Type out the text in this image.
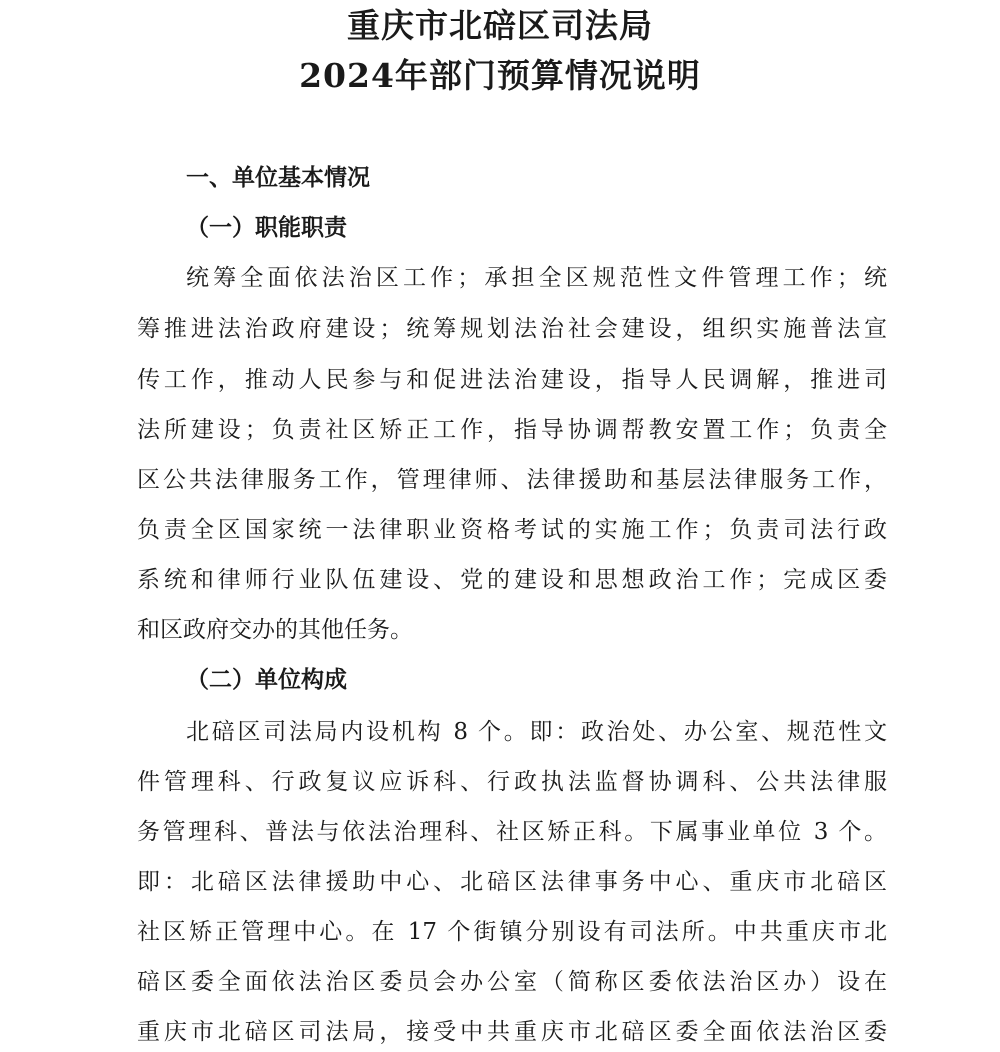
重庆市北碚区司法局
2024年部门预算情况说明
一、单位基本情况
（一）职能职责

统筹全面依法治区工作；承担全区规范性文件管理工作；统

筹推进法治政府建设；统筹规划法治社会建设，组织实施普法宣

传工作，推动人民参与和促进法治建设，指导人民调解，推进司

法所建设；负责社区矫正工作，指导协调帮教安置工作；负责全

区公共法律服务工作，管理律师、法律援助和基层法律服务工作，

负责全区国家统一法律职业资格考试的实施工作；负责司法行政

系统和律师行业队伍建设、党的建设和思想政治工作；完成区委

和区政府交办的其他任务。

（二）单位构成

北碚区司法局内设机构 8 个。即：政治处、办公室、规范性文

件管理科、行政复议应诉科、行政执法监督协调科、公共法律服

务管理科、普法与依法治理科、社区矫正科。下属事业单位 3 个。

即：北碚区法律援助中心、北碚区法律事务中心、重庆市北碚区

社区矫正管理中心。在 17 个街镇分别设有司法所。中共重庆市北

碚区委全面依法治区委员会办公室（简称区委依法治区办）设在

重庆市北碚区司法局，接受中共重庆市北碚区委全面依法治区委
